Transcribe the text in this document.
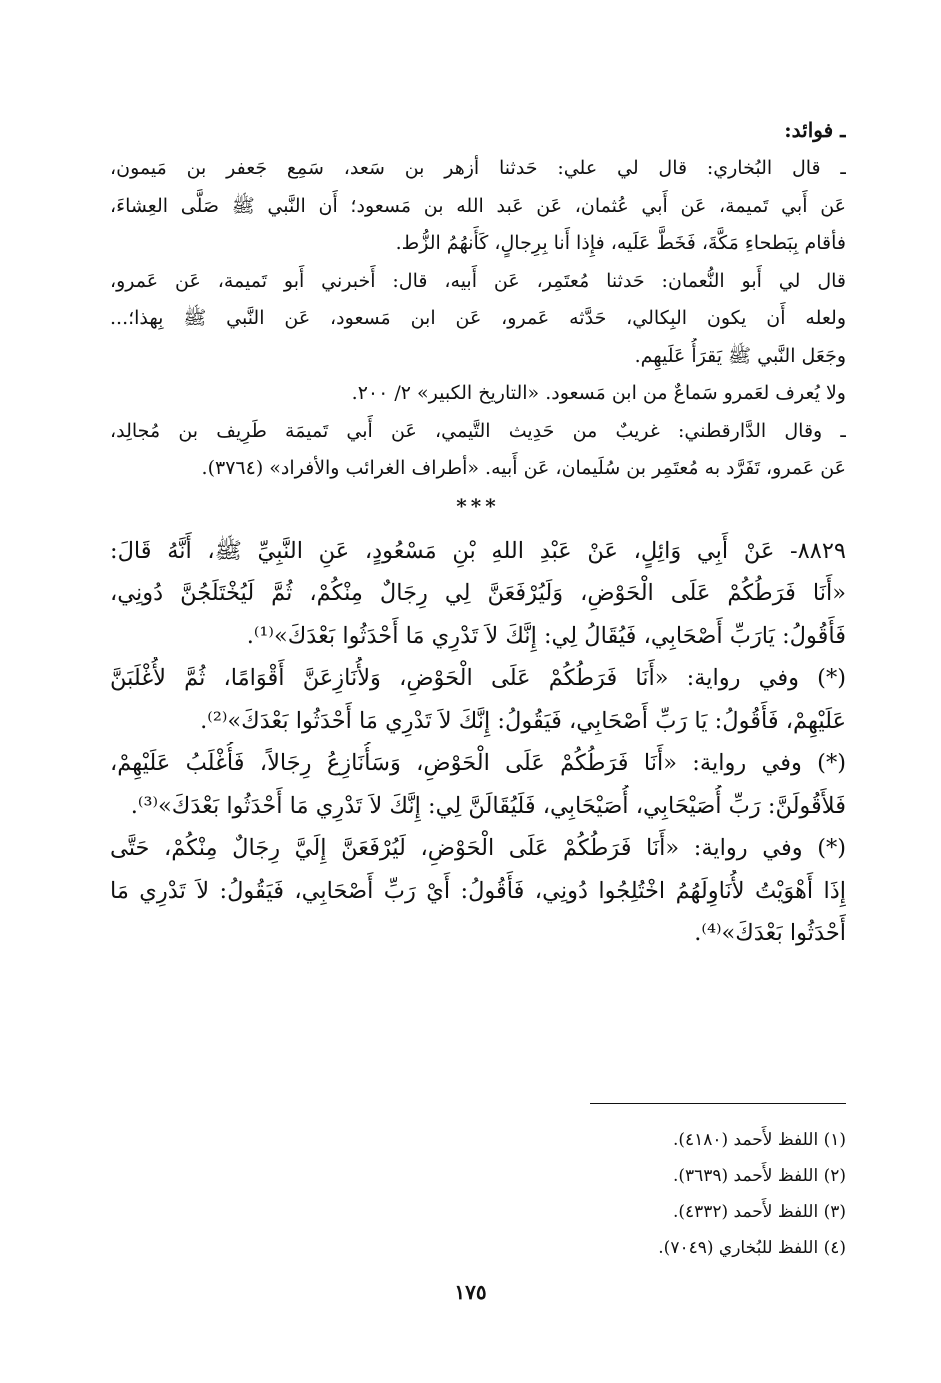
ـ فوائد:
ـ قال البُخاري: قال لي علي: حَدثنا أزهر بن سَعد، سَمِع جَعفر بن مَيمون،
عَن أَبي تَميمة، عَن أَبي عُثمان، عَن عَبد الله بن مَسعود؛ أَن النَّبي ﷺ صَلَّى العِشاءَ،
فأقام بِبَطحاءِ مَكَّةَ، فَخَطَّ عَلَيه، فإِذا أَنا بِرِجالٍ، كَأَنهُمُ الزُّط.
قال لي أَبو النُّعمان: حَدثنا مُعتَمِر، عَن أَبيه، قال: أَخبرني أَبو تَميمة، عَن عَمرو،
ولعله أَن يكون البِكالي، حَدَّثه عَمرو، عَن ابن مَسعود، عَن النَّبي ﷺ بِهذا؛...
وجَعَل النَّبي ﷺ يَقرَأُ عَلَيهِم.
ولا يُعرف لعَمرو سَماعٌ من ابن مَسعود. «التاريخ الكبير» ٢/ ٢٠٠.
ـ وقال الدَّارقطني: غريبٌ من حَدِيث التَّيمي، عَن أَبي تَميمَة طَرِيف بن مُجالِد،
عَن عَمرو، تَفَرَّد به مُعتَمِر بن سُلَيمان، عَن أَبيه. «أطراف الغرائب والأفراد» (٣٧٦٤).
***
٨٨٢٩- عَنْ أَبِي وَائِلٍ، عَنْ عَبْدِ اللهِ بْنِ مَسْعُودٍ، عَنِ النَّبِيِّ ﷺ، أَنَّهُ قَالَ:
«أَنَا فَرَطُكُمْ عَلَى الْحَوْضِ، وَلَيُرْفَعَنَّ لِي رِجَالٌ مِنْكُمْ، ثُمَّ لَيُخْتَلَجُنَّ دُونِي،
فَأَقُولُ: يَارَبِّ أَصْحَابِي، فَيُقَالُ لِي: إِنَّكَ لاَ تَدْرِي مَا أَحْدَثُوا بَعْدَكَ»⁽¹⁾.
(*) وفي رواية: «أَنَا فَرَطُكُمْ عَلَى الْحَوْضِ، وَلأُنَازِعَنَّ أَقْوَامًا، ثُمَّ لأُغْلَبَنَّ
عَلَيْهِمْ، فَأَقُولُ: يَا رَبِّ أَصْحَابِي، فَيَقُولُ: إِنَّكَ لاَ تَدْرِي مَا أَحْدَثُوا بَعْدَكَ»⁽²⁾.
(*) وفي رواية: «أَنَا فَرَطُكُمْ عَلَى الْحَوْضِ، وَسَأُنَازِعُ رِجَالاً، فَأُغْلَبُ عَلَيْهِمْ،
فَلأَقُولَنَّ: رَبِّ أُصَيْحَابِي، أُصَيْحَابِي، فَلَيُقَالَنَّ لِي: إِنَّكَ لاَ تَدْرِي مَا أَحْدَثُوا بَعْدَكَ»⁽³⁾.
(*) وفي رواية: «أَنَا فَرَطُكُمْ عَلَى الْحَوْضِ، لَيُرْفَعَنَّ إِلَيَّ رِجَالٌ مِنْكُمْ، حَتَّى
إِذَا أَهْوَيْتُ لأُنَاوِلَهُمُ اخْتُلِجُوا دُونِي، فَأَقُولُ: أَيْ رَبِّ أَصْحَابِي، فَيَقُولُ: لاَ تَدْرِي مَا
أَحْدَثُوا بَعْدَكَ»⁽⁴⁾.
(١) اللفظ لأَحمد (٤١٨٠).
(٢) اللفظ لأَحمد (٣٦٣٩).
(٣) اللفظ لأَحمد (٤٣٣٢).
(٤) اللفظ للبُخاري (٧٠٤٩).
١٧٥
